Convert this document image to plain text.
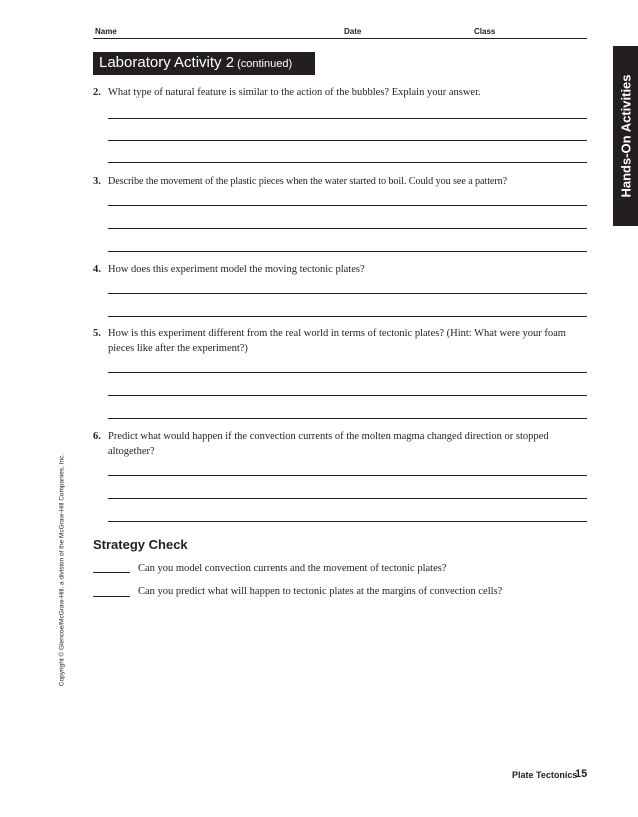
Name	Date	Class
Laboratory Activity 2 (continued)
Hands-On Activities
Copyright © Glencoe/McGraw-Hill, a division of the McGraw-Hill Companies, Inc.
2. What type of natural feature is similar to the action of the bubbles? Explain your answer.
3. Describe the movement of the plastic pieces when the water started to boil. Could you see a pattern?
4. How does this experiment model the moving tectonic plates?
5. How is this experiment different from the real world in terms of tectonic plates? (Hint: What were your foam pieces like after the experiment?)
6. Predict what would happen if the convection currents of the molten magma changed direction or stopped altogether?
Strategy Check
Can you model convection currents and the movement of tectonic plates?
Can you predict what will happen to tectonic plates at the margins of convection cells?
Plate Tectonics
15
